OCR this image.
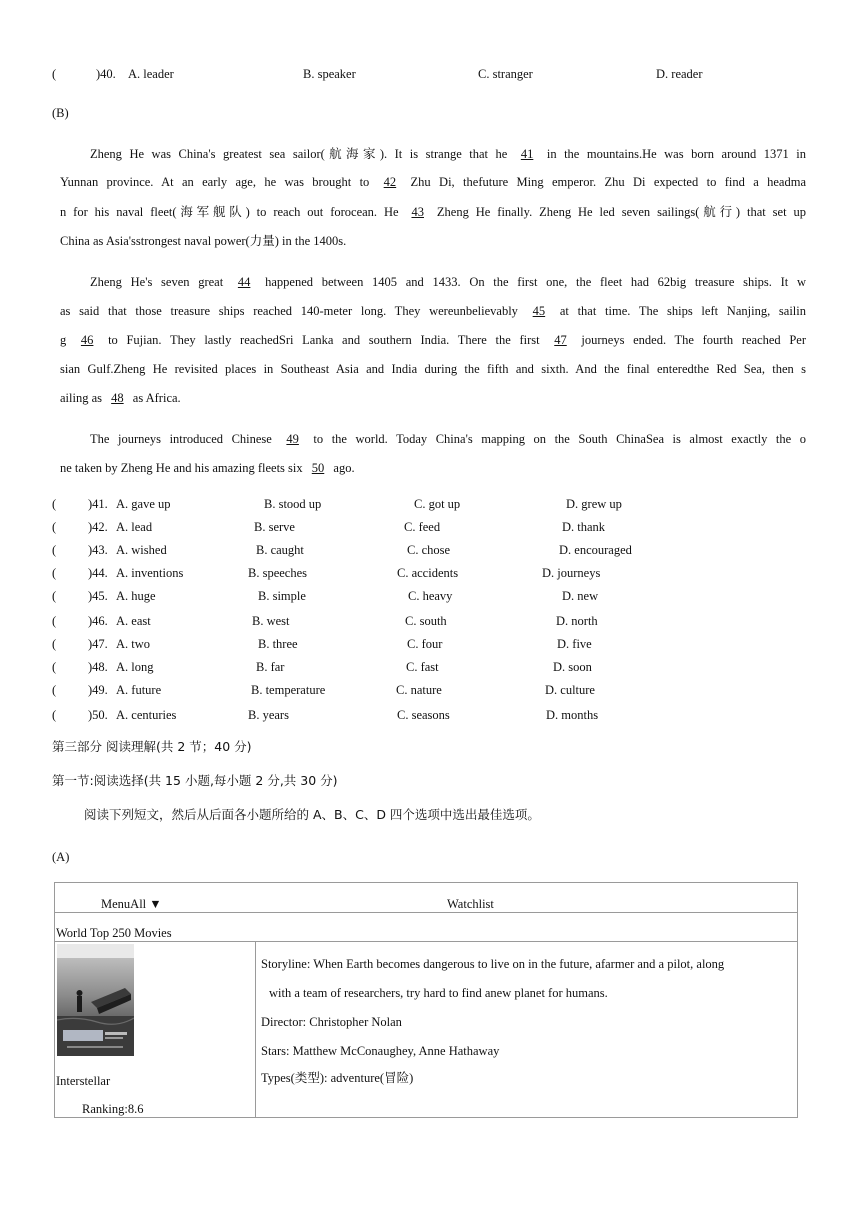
(	)40. A. leader	B. speaker	C. stranger	D. reader
(B)
Zheng He was China's greatest sea sailor(航海家). It is strange that he 41 in the mountains.He was born around 1371 in
Yunnan province. At an early age, he was brought to 42 Zhu Di, thefuture Ming emperor. Zhu Di expected to find a headma
n for his naval fleet(海军舰队) to reach out forocean. He 43 Zheng He finally. Zheng He led seven sailings(航行) that set up
China as Asia'sstrongest naval power(力量) in the 1400s.
Zheng He's seven great 44 happened between 1405 and 1433. On the first one, the fleet had 62big treasure ships. It w
as said that those treasure ships reached 140-meter long. They wereunbelievably 45 at that time. The ships left Nanjing, sailin
g 46 to Fujian. They lastly reachedSri Lanka and southern India. There the first 47 journeys ended. The fourth reached Per
sian Gulf.Zheng He revisited places in Southeast Asia and India during the fifth and sixth. And the final enteredthe Red Sea, then s
ailing as 48 as Africa.
The journeys introduced Chinese 49 to the world. Today China's mapping on the South ChinaSea is almost exactly the o
ne taken by Zheng He and his amazing fleets six 50 ago.
(	)41. A. gave up	B. stood up	C. got up	D. grew up
(	)42. A. lead	B. serve	C. feed	D. thank
(	)43. A. wished	B. caught	C. chose	D. encouraged
(	)44. A. inventions	B. speeches	C. accidents	D. journeys
(	)45. A. huge	B. simple	C. heavy	D. new
(	)46. A. east	B. west	C. south	D. north
(	)47. A. two	B. three	C. four	D. five
(	)48. A. long	B. far	C. fast	D. soon
(	)49. A. future	B. temperature	C. nature	D. culture
(	)50. A. centuries	B. years	C. seasons	D. months
第三部分 阅读理解(共 2 节；40 分)
第一节:阅读选择(共 15 小题,每小题 2 分,共 30 分)
阅读下列短文，然后从后面各小题所给的 A、B、C、D 四个选项中选出最佳选项。
(A)
MenuAll ▼	Watchlist

World Top 250 Movies

Interstellar
Ranking:8.6

Storyline: When Earth becomes dangerous to live on in the future, afarmer and a pilot, along
with a team of researchers, try hard to find anew planet for humans.
Director: Christopher Nolan
Stars: Matthew McConaughey, Anne Hathaway
Types(类型): adventure(冒险)
